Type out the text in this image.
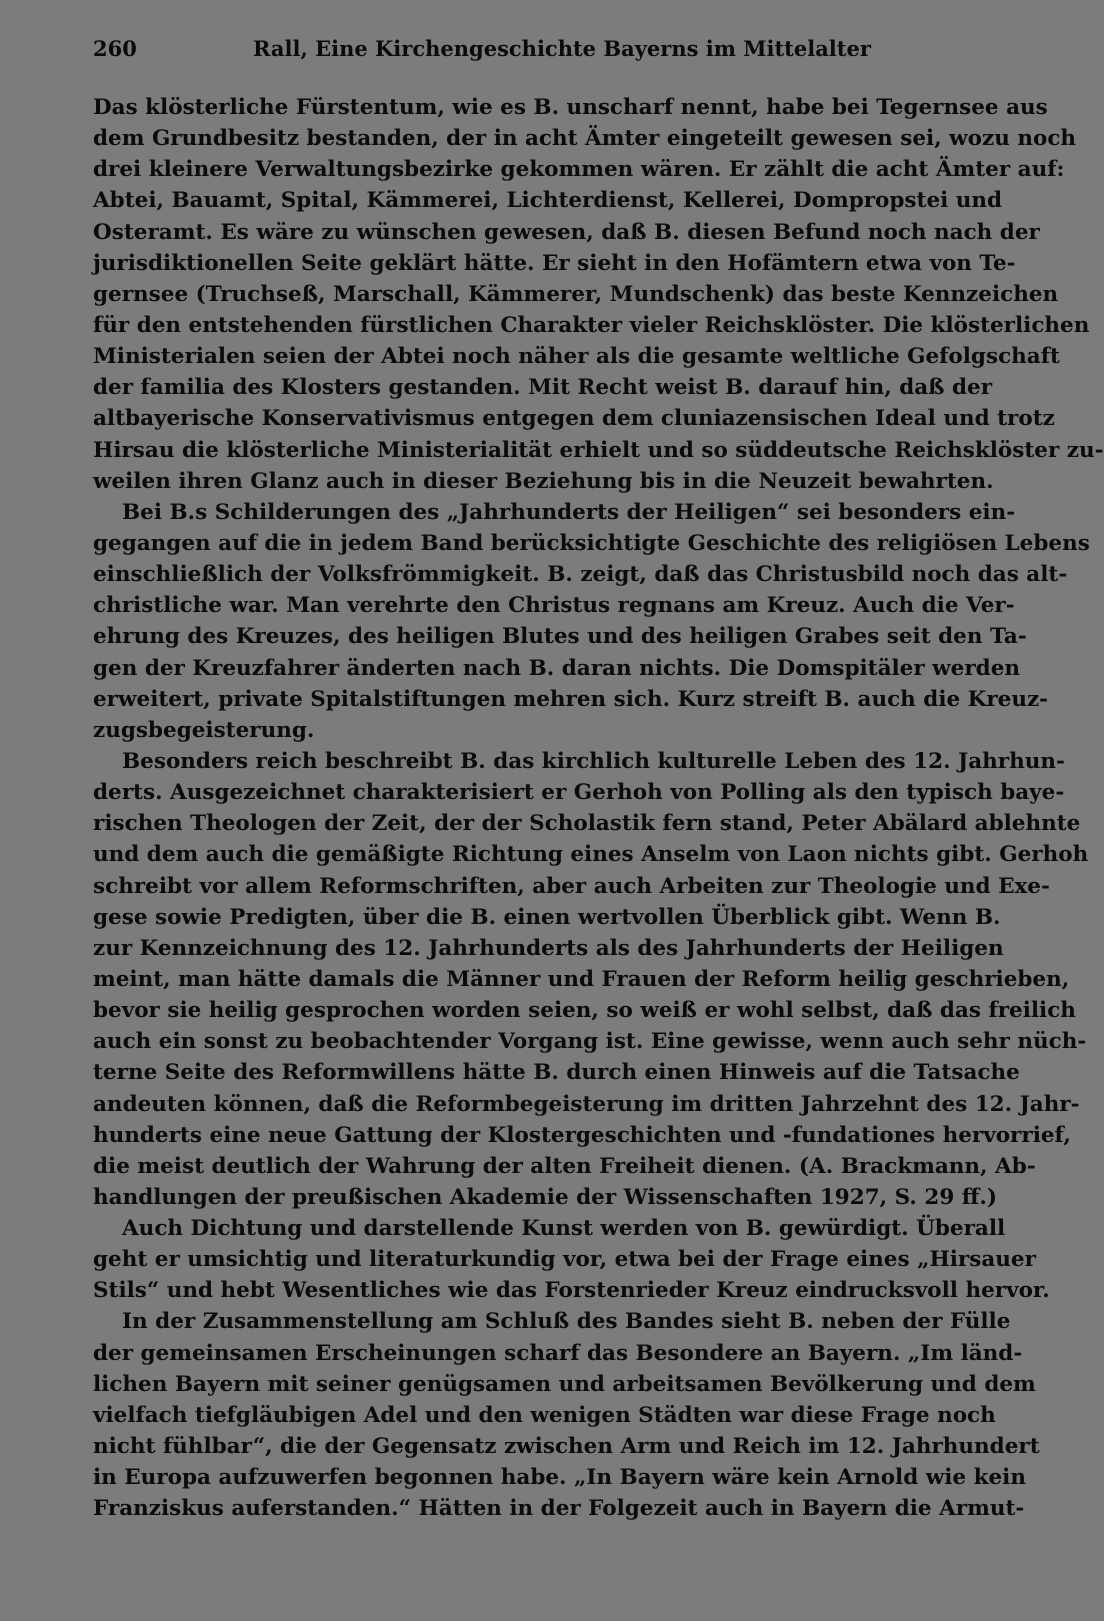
260	Rall, Eine Kirchengeschichte Bayerns im Mittelalter
Das klösterliche Fürstentum, wie es B. unscharf nennt, habe bei Tegernsee aus
dem Grundbesitz bestanden, der in acht Ämter eingeteilt gewesen sei, wozu noch
drei kleinere Verwaltungsbezirke gekommen wären. Er zählt die acht Ämter auf:
Abtei, Bauamt, Spital, Kämmerei, Lichterdienst, Kellerei, Dompropstei und
Osteramt. Es wäre zu wünschen gewesen, daß B. diesen Befund noch nach der
jurisdiktionellen Seite geklärt hätte. Er sieht in den Hofämtern etwa von Te-
gernsee (Truchseß, Marschall, Kämmerer, Mundschenk) das beste Kennzeichen
für den entstehenden fürstlichen Charakter vieler Reichsklöster. Die klösterlichen
Ministerialen seien der Abtei noch näher als die gesamte weltliche Gefolgschaft
der familia des Klosters gestanden. Mit Recht weist B. darauf hin, daß der
altbayerische Konservativismus entgegen dem cluniazensischen Ideal und trotz
Hirsau die klösterliche Ministerialität erhielt und so süddeutsche Reichsklöster zu-
weilen ihren Glanz auch in dieser Beziehung bis in die Neuzeit bewahrten.
Bei B.s Schilderungen des „Jahrhunderts der Heiligen“ sei besonders ein-
gegangen auf die in jedem Band berücksichtigte Geschichte des religiösen Lebens
einschließlich der Volksfrömmigkeit. B. zeigt, daß das Christusbild noch das alt-
christliche war. Man verehrte den Christus regnans am Kreuz. Auch die Ver-
ehrung des Kreuzes, des heiligen Blutes und des heiligen Grabes seit den Ta-
gen der Kreuzfahrer änderten nach B. daran nichts. Die Domspitäler werden
erweitert, private Spitalstiftungen mehren sich. Kurz streift B. auch die Kreuz-
zugsbegeisterung.
Besonders reich beschreibt B. das kirchlich kulturelle Leben des 12. Jahrhun-
derts. Ausgezeichnet charakterisiert er Gerhoh von Polling als den typisch baye-
rischen Theologen der Zeit, der der Scholastik fern stand, Peter Abälard ablehnte
und dem auch die gemäßigte Richtung eines Anselm von Laon nichts gibt. Gerhoh
schreibt vor allem Reformschriften, aber auch Arbeiten zur Theologie und Exe-
gese sowie Predigten, über die B. einen wertvollen Überblick gibt. Wenn B.
zur Kennzeichnung des 12. Jahrhunderts als des Jahrhunderts der Heiligen
meint, man hätte damals die Männer und Frauen der Reform heilig geschrieben,
bevor sie heilig gesprochen worden seien, so weiß er wohl selbst, daß das freilich
auch ein sonst zu beobachtender Vorgang ist. Eine gewisse, wenn auch sehr nüch-
terne Seite des Reformwillens hätte B. durch einen Hinweis auf die Tatsache
andeuten können, daß die Reformbegeisterung im dritten Jahrzehnt des 12. Jahr-
hunderts eine neue Gattung der Klostergeschichten und -fundationes hervorrief,
die meist deutlich der Wahrung der alten Freiheit dienen. (A. Brackmann, Ab-
handlungen der preußischen Akademie der Wissenschaften 1927, S. 29 ff.)
Auch Dichtung und darstellende Kunst werden von B. gewürdigt. Überall
geht er umsichtig und literaturkundig vor, etwa bei der Frage eines „Hirsauer
Stils“ und hebt Wesentliches wie das Forstenrieder Kreuz eindrucksvoll hervor.
In der Zusammenstellung am Schluß des Bandes sieht B. neben der Fülle
der gemeinsamen Erscheinungen scharf das Besondere an Bayern. „Im länd-
lichen Bayern mit seiner genügsamen und arbeitsamen Bevölkerung und dem
vielfach tiefgläubigen Adel und den wenigen Städten war diese Frage noch
nicht fühlbar“, die der Gegensatz zwischen Arm und Reich im 12. Jahrhundert
in Europa aufzuwerfen begonnen habe. „In Bayern wäre kein Arnold wie kein
Franziskus auferstanden.“ Hätten in der Folgezeit auch in Bayern die Armut-
